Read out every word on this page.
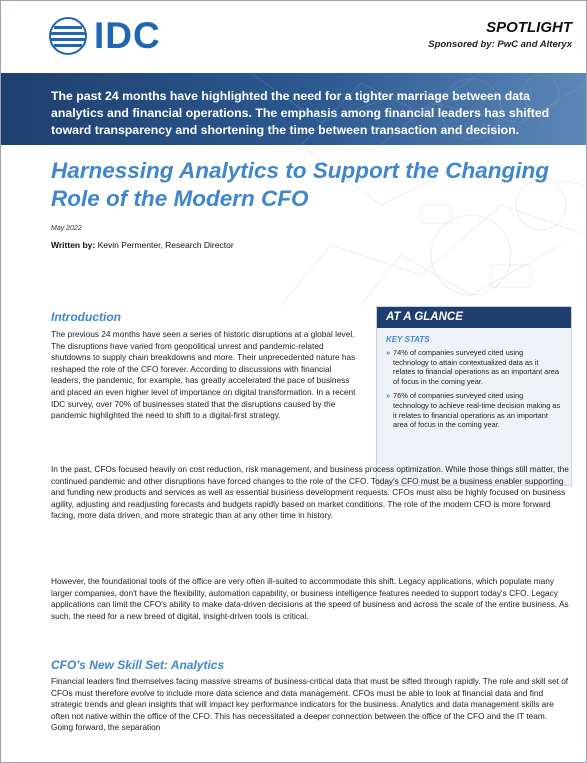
IDC	SPOTLIGHT
Sponsored by: PwC and Alteryx
The past 24 months have highlighted the need for a tighter marriage between data analytics and financial operations. The emphasis among financial leaders has shifted toward transparency and shortening the time between transaction and decision.
Harnessing Analytics to Support the Changing Role of the Modern CFO
May 2022
Written by: Kevin Permenter, Research Director
AT A GLANCE
KEY STATS
» 74% of companies surveyed cited using technology to attain contextualized data as it relates to financial operations as an important area of focus in the coming year.
» 76% of companies surveyed cited using technology to achieve real-time decision making as it relates to financial operations as an important area of focus in the coming year.
Introduction
The previous 24 months have seen a series of historic disruptions at a global level. The disruptions have varied from geopolitical unrest and pandemic-related shutdowns to supply chain breakdowns and more. Their unprecedented nature has reshaped the role of the CFO forever. According to discussions with financial leaders, the pandemic, for example, has greatly accelerated the pace of business and placed an even higher level of importance on digital transformation. In a recent IDC survey, over 70% of businesses stated that the disruptions caused by the pandemic highlighted the need to shift to a digital-first strategy.
In the past, CFOs focused heavily on cost reduction, risk management, and business process optimization. While those things still matter, the continued pandemic and other disruptions have forced changes to the role of the CFO. Today's CFO must be a business enabler supporting and funding new products and services as well as essential business development requests. CFOs must also be highly focused on business agility, adjusting and readjusting forecasts and budgets rapidly based on market conditions. The role of the modern CFO is more forward facing, more data driven, and more strategic than at any other time in history.
However, the foundational tools of the office are very often ill-suited to accommodate this shift. Legacy applications, which populate many larger companies, don't have the flexibility, automation capability, or business intelligence features needed to support today's CFO. Legacy applications can limit the CFO's ability to make data-driven decisions at the speed of business and across the scale of the entire business. As such, the need for a new breed of digital, insight-driven tools is critical.
CFO's New Skill Set: Analytics
Financial leaders find themselves facing massive streams of business-critical data that must be sifted through rapidly. The role and skill set of CFOs must therefore evolve to include more data science and data management. CFOs must be able to look at financial data and find strategic trends and glean insights that will impact key performance indicators for the business. Analytics and data management skills are often not native within the office of the CFO. This has necessitated a deeper connection between the office of the CFO and the IT team. Going forward, the separation
